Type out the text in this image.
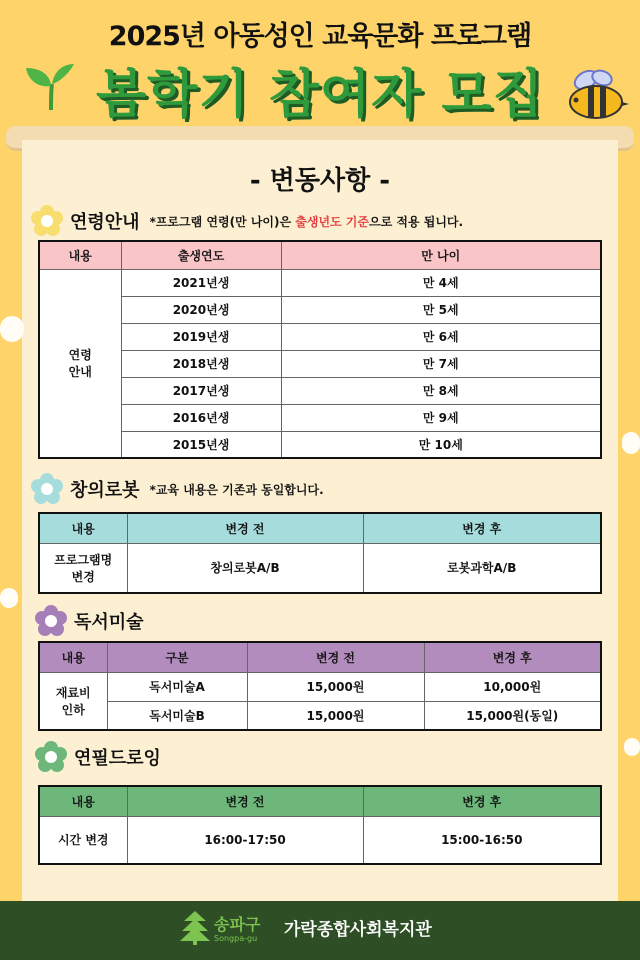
2025년 아동성인 교육문화 프로그램
봄학기 참여자 모집
- 변동사항 -
연령안내 *프로그램 연령(만 나이)은 출생년도 기준으로 적용 됩니다.
내용	출생연도	만 나이

연령
안내	2021년생	만 4세
	2020년생	만 5세
	2019년생	만 6세
	2018년생	만 7세
	2017년생	만 8세
	2016년생	만 9세
	2015년생	만 10세
창의로봇 *교육 내용은 기존과 동일합니다.
내용	변경 전	변경 후

프로그램명
변경	창의로봇A/B	로봇과학A/B
독서미술
내용	구분	변경 전	변경 후

재료비
인하	독서미술A	15,000원	10,000원
	독서미술B	15,000원	15,000원(동일)
연필드로잉
내용	변경 전	변경 후
시간 변경	16:00-17:50	15:00-16:50
송파구
Songpa-gu 가락종합사회복지관
